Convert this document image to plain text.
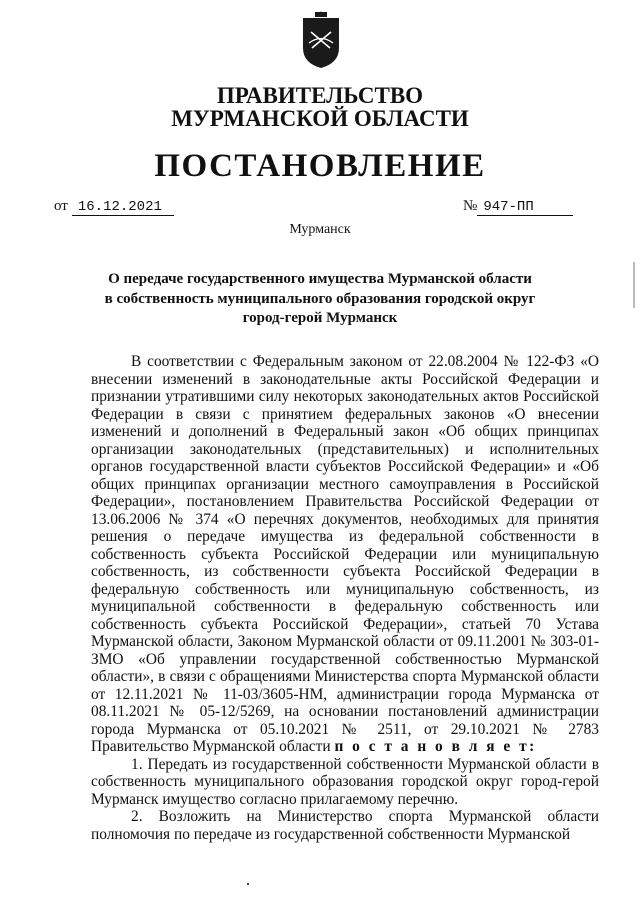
ПРАВИТЕЛЬСТВО
МУРМАНСКОЙ ОБЛАСТИ
ПОСТАНОВЛЕНИЕ
от 16.12.2021	№ 947-ПП
Мурманск
О передаче государственного имущества Мурманской области
в собственность муниципального образования городской округ
город-герой Мурманск

В соответствии с Федеральным законом от 22.08.2004 № 122-ФЗ «О внесении изменений в законодательные акты Российской Федерации и признании утратившими силу некоторых законодательных актов Российской Федерации в связи с принятием федеральных законов «О внесении изменений и дополнений в Федеральный закон «Об общих принципах организации законодательных (представительных) и исполнительных органов государственной власти субъектов Российской Федерации» и «Об общих принципах организации местного самоуправления в Российской Федерации», постановлением Правительства Российской Федерации от 13.06.2006 № 374 «О перечнях документов, необходимых для принятия решения о передаче имущества из федеральной собственности в собственность субъекта Российской Федерации или муниципальную собственность, из собственности субъекта Российской Федерации в федеральную собственность или муниципальную собственность, из муниципальной собственности в федеральную собственность или собственность субъекта Российской Федерации», статьей 70 Устава Мурманской области, Законом Мурманской области от 09.11.2001 № 303-01-ЗМО «Об управлении государственной собственностью Мурманской области», в связи с обращениями Министерства спорта Мурманской области от 12.11.2021 № 11-03/3605-НМ, администрации города Мурманска от 08.11.2021 № 05-12/5269, на основании постановлений администрации города Мурманска от 05.10.2021 № 2511, от 29.10.2021 № 2783 Правительство Мурманской области п о с т а н о в л я е т:

1. Передать из государственной собственности Мурманской области в собственность муниципального образования городской округ город-герой Мурманск имущество согласно прилагаемому перечню.

2. Возложить на Министерство спорта Мурманской области полномочия по передаче из государственной собственности Мурманской
